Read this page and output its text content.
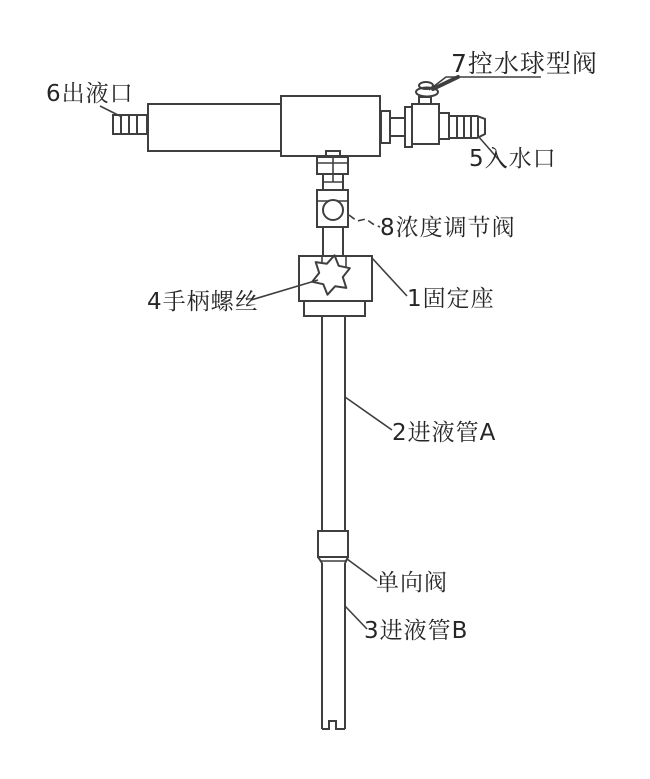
6出液口
7控水球型阀
5入水口
8浓度调节阀
4手柄螺丝	1固定座
2进液管A
单向阀
3进液管B
